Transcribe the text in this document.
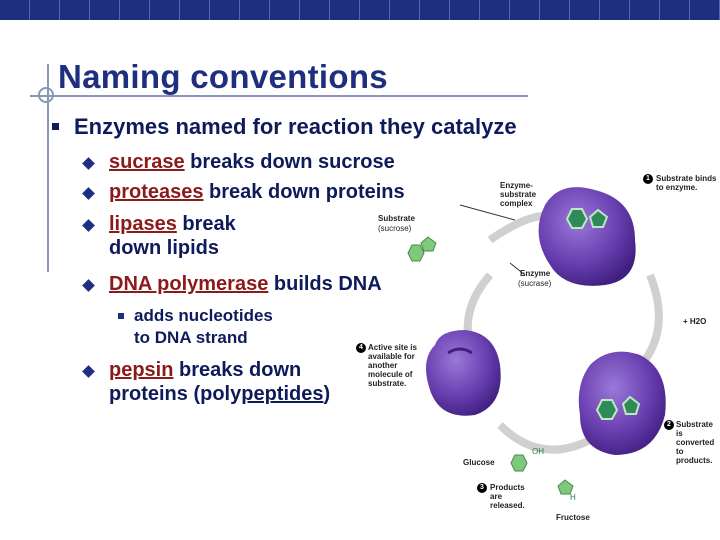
Naming conventions
Enzymes named for reaction they catalyze
sucrase breaks down sucrose
proteases break down proteins
lipases break
down lipids
DNA polymerase builds DNA
adds nucleotides
to DNA strand
pepsin breaks down
proteins (polypeptides)
Enzyme-substrate complex
Substrate
(sucrose)
Enzyme
(sucrase)
1 Substrate binds to enzyme.
+ H2O
2 Substrate is converted to products.
4 Active site is available for another molecule of substrate.
Glucose
OH
3 Products are released.
H
Fructose
